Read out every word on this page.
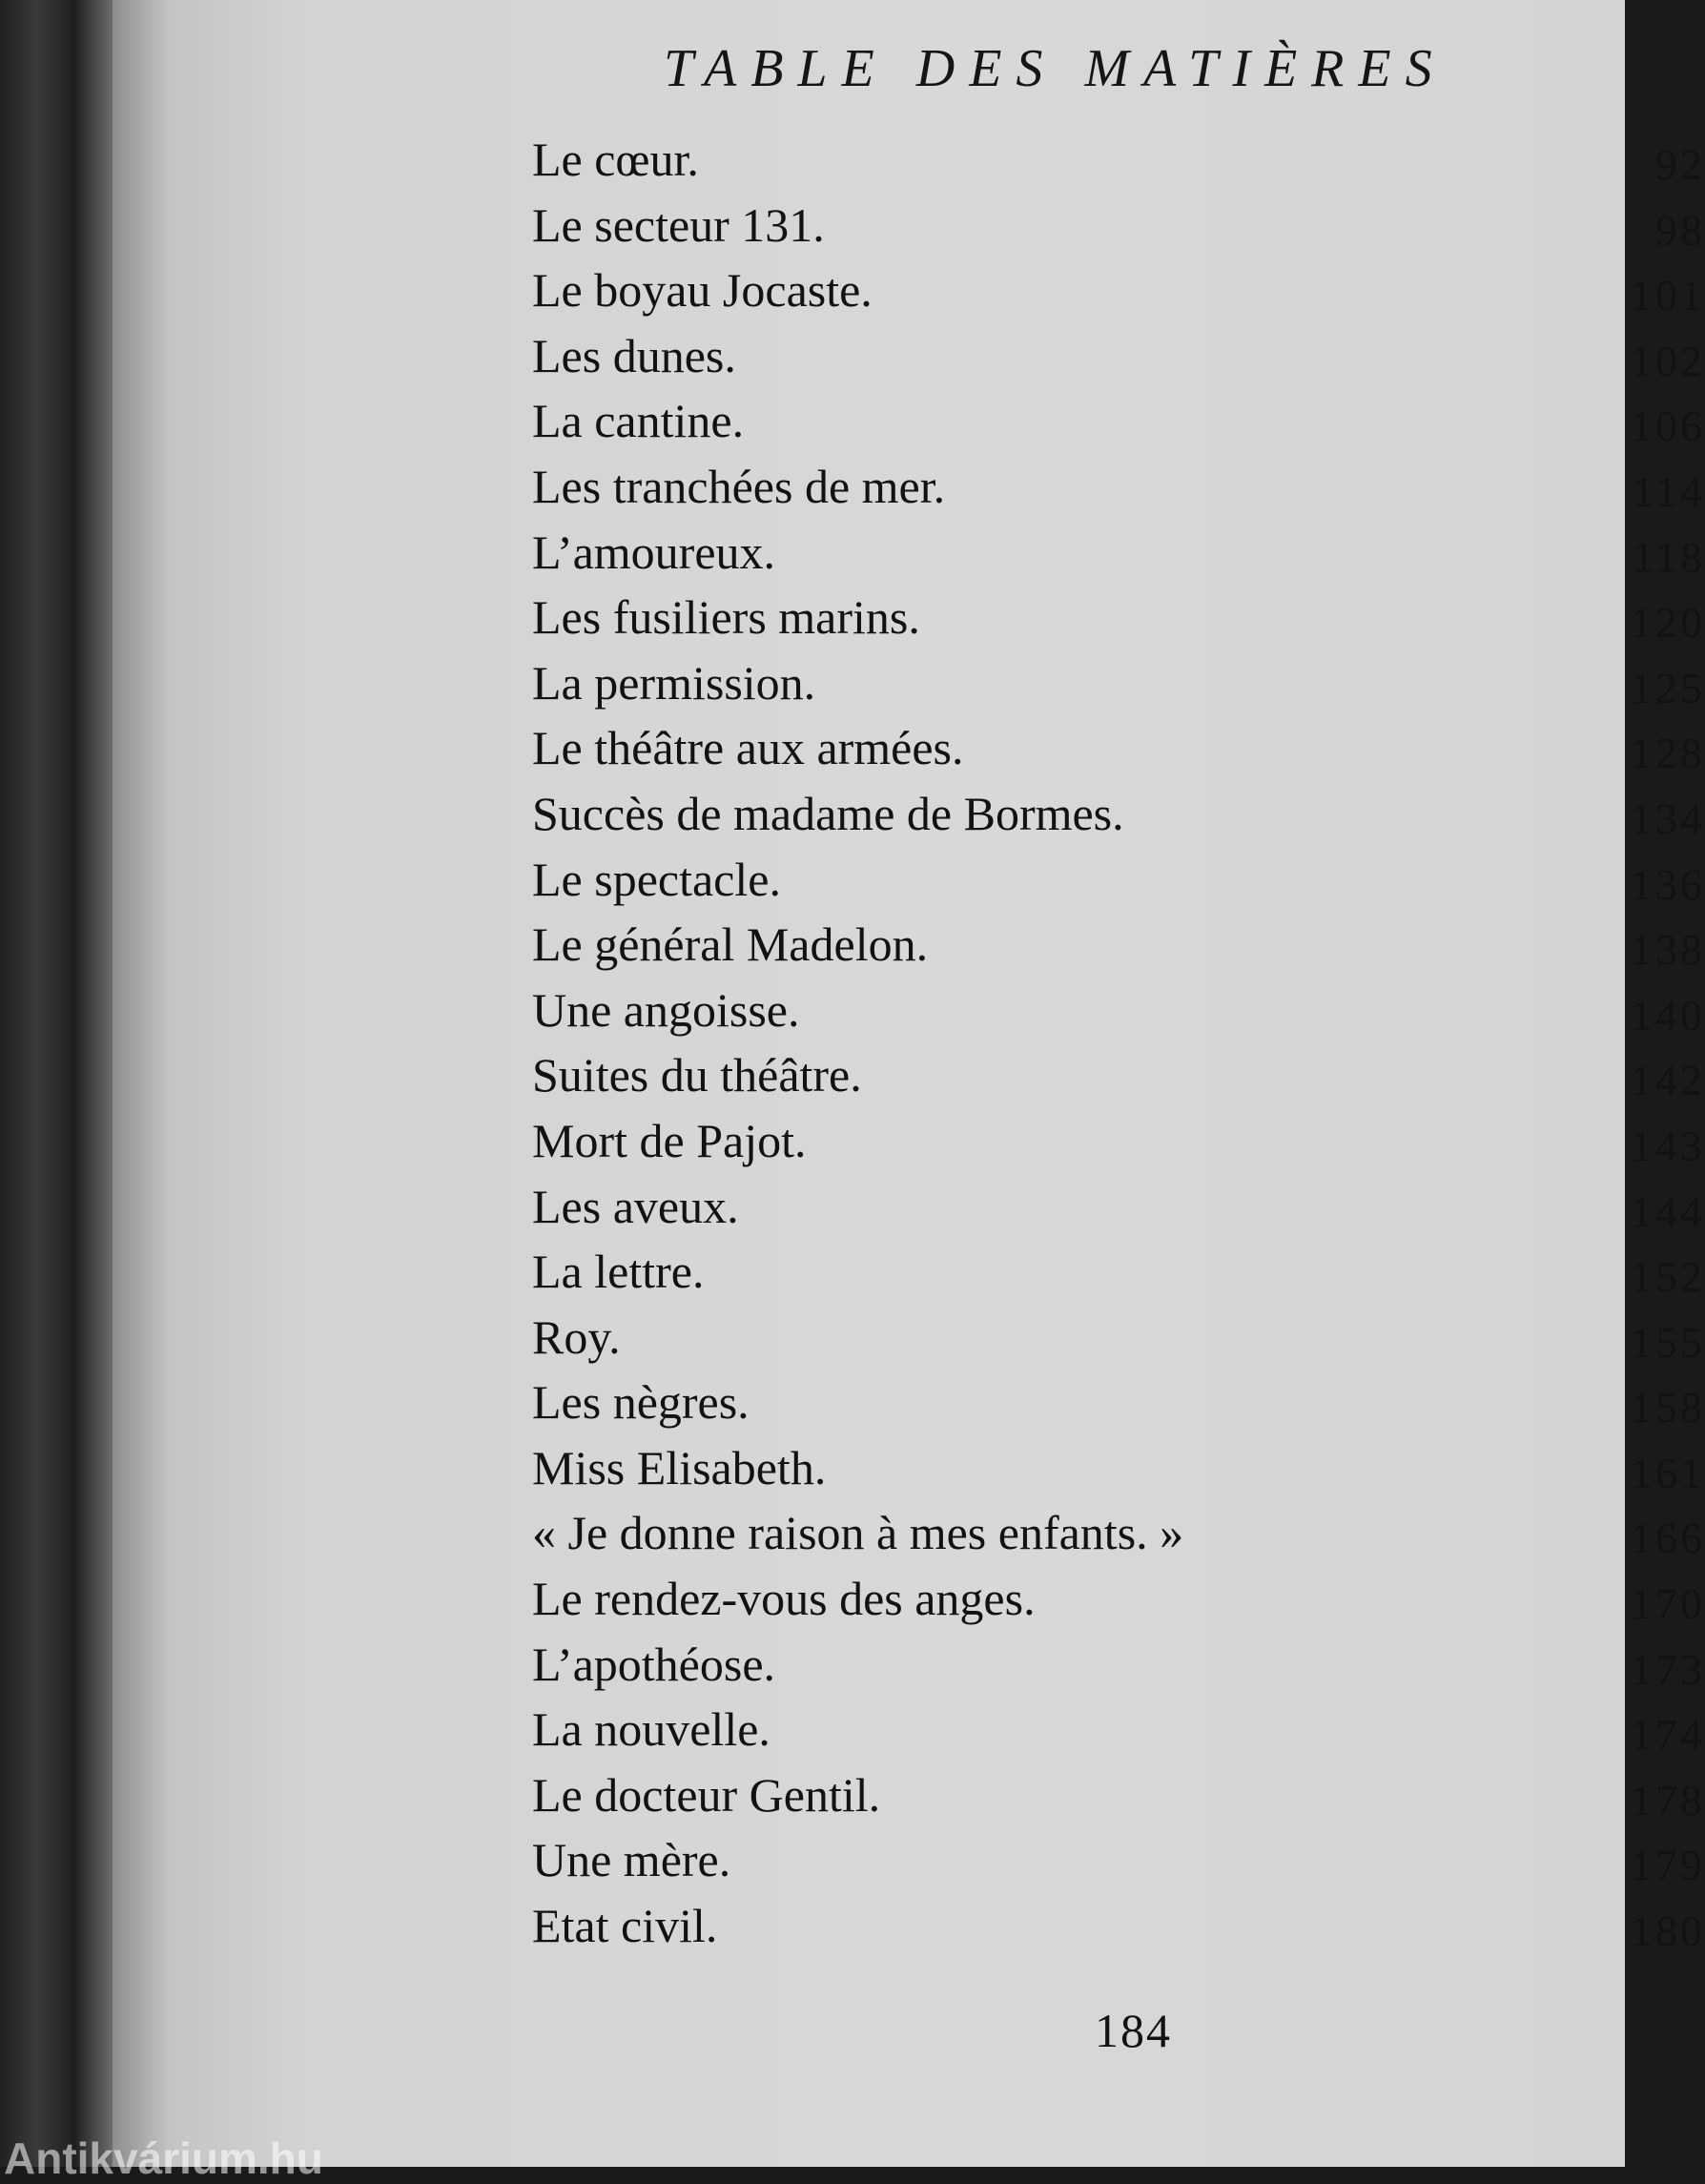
TABLE DES MATIÈRES
Le cœur.	92
Le secteur 131.	98
Le boyau Jocaste.	101
Les dunes.	102
La cantine.	106
Les tranchées de mer.	114
L’amoureux.	118
Les fusiliers marins.	120
La permission.	125
Le théâtre aux armées.	128
Succès de madame de Bormes.	134
Le spectacle.	136
Le général Madelon.	138
Une angoisse.	140
Suites du théâtre.	142
Mort de Pajot.	143
Les aveux.	144
La lettre.	152
Roy.	155
Les nègres.	158
Miss Elisabeth.	161
« Je donne raison à mes enfants. »	166
Le rendez-vous des anges.	170
L’apothéose.	173
La nouvelle.	174
Le docteur Gentil.	178
Une mère.	179
Etat civil.	180
184
Antikvárium.hu
